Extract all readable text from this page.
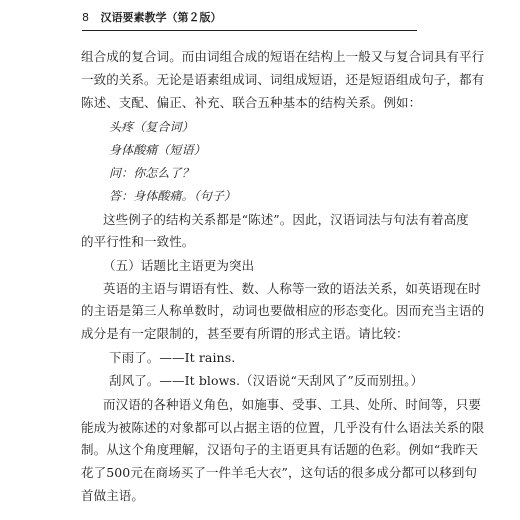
8 汉语要素教学（第２版）
组合成的复合词。而由词组合成的短语在结构上一般又与复合词具有平行
一致的关系。无论是语素组成词、词组成短语，还是短语组成句子，都有
陈述、支配、偏正、补充、联合五种基本的结构关系。例如：
头疼（复合词）
身体酸痛（短语）
问：你怎么了？
答：身体酸痛。（句子）
这些例子的结构关系都是“陈述”。因此，汉语词法与句法有着高度
的平行性和一致性。
（五）话题比主语更为突出
英语的主语与谓语有性、数、人称等一致的语法关系，如英语现在时
的主语是第三人称单数时，动词也要做相应的形态变化。因而充当主语的
成分是有一定限制的，甚至要有所谓的形式主语。请比较：
下雨了。——It rains.
刮风了。——It blows.（汉语说“天刮风了”反而别扭。）
而汉语的各种语义角色，如施事、受事、工具、处所、时间等，只要
能成为被陈述的对象都可以占据主语的位置，几乎没有什么语法关系的限
制。从这个角度理解，汉语句子的主语更具有话题的色彩。例如“我昨天
花了500元在商场买了一件羊毛大衣”，这句话的很多成分都可以移到句
首做主语。
